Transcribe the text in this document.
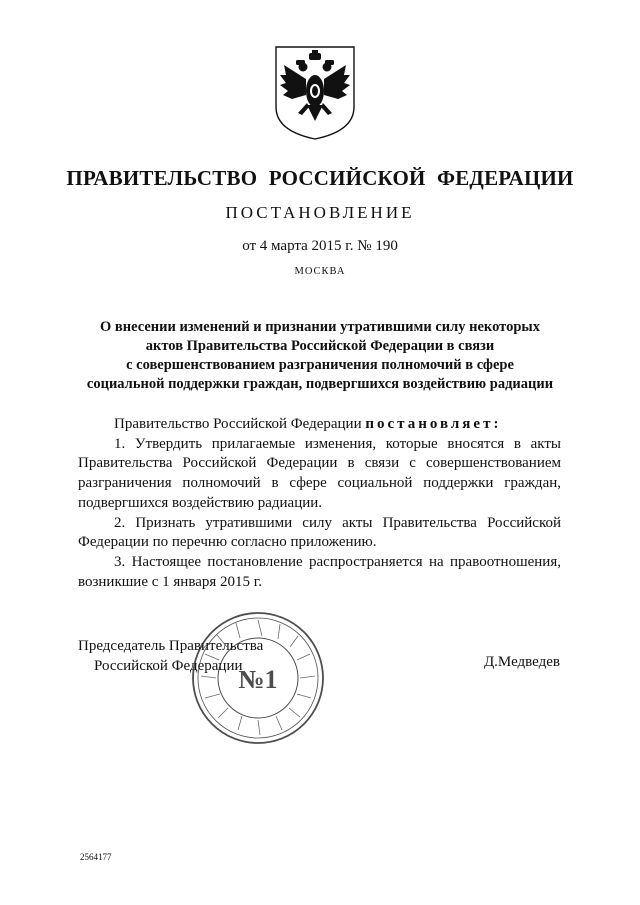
ПРАВИТЕЛЬСТВО РОССИЙСКОЙ ФЕДЕРАЦИИ
ПОСТАНОВЛЕНИЕ
от 4 марта 2015 г. № 190
МОСКВА
О внесении изменений и признании утратившими силу некоторых
актов Правительства Российской Федерации в связи
с совершенствованием разграничения полномочий в сфере
социальной поддержки граждан, подвергшихся воздействию радиации

Правительство Российской Федерации постановляет:

1. Утвердить прилагаемые изменения, которые вносятся в акты Правительства Российской Федерации в связи с совершенствованием разграничения полномочий в сфере социальной поддержки граждан, подвергшихся воздействию радиации.

2. Признать утратившими силу акты Правительства Российской Федерации по перечню согласно приложению.

3. Настоящее постановление распространяется на правоотношения, возникшие с 1 января 2015 г.

Председатель Правительства
Российской Федерации	Д.Медведев
№1
2564177
